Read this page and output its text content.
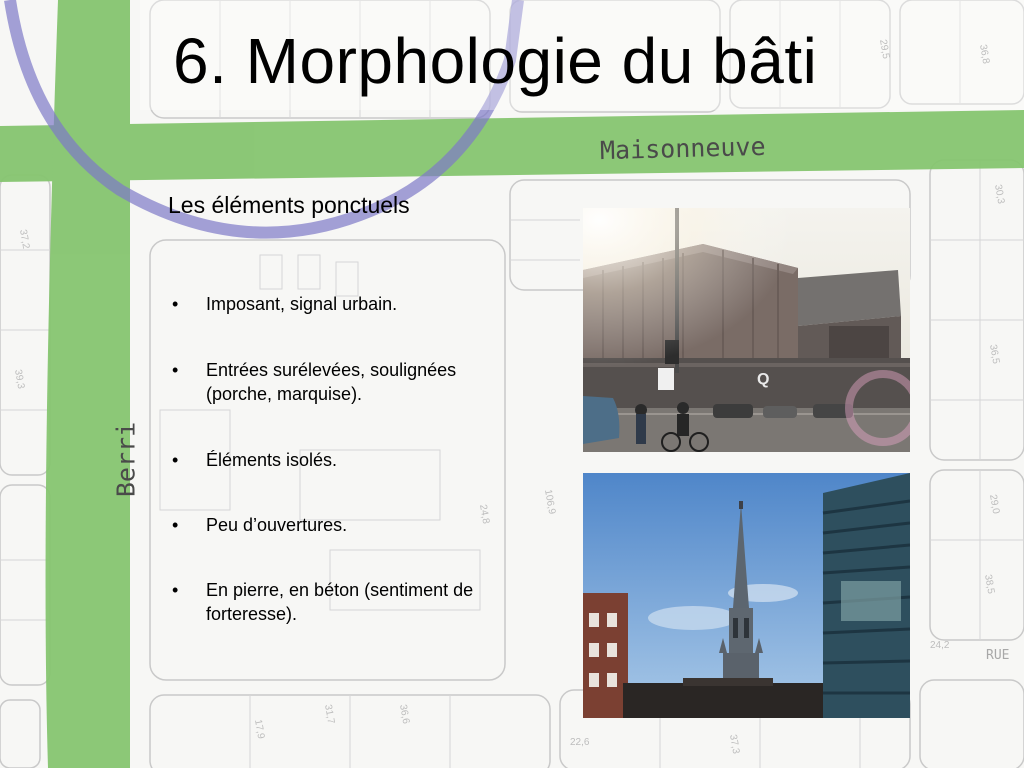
29,5	36,8
30,3
36,5
29,0
38,5
106,9
24,8
17,9
31,7	36,6
37,3
22,6
24,2
37,2
39,3
Maisonneuve
Berri
RUE
6. Morphologie du bâti
Les éléments ponctuels
• Imposant, signal urbain.
• Entrées surélevées, soulignées (porche, marquise).
• Éléments isolés.
• Peu d’ouvertures.
• En pierre, en béton (sentiment de forteresse).
